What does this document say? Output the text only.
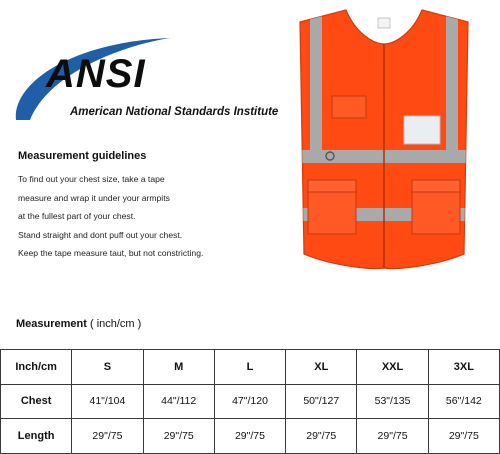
ANSI
American National Standards Institute
Measurement guidelines
To find out your chest size, take a tape
measure and wrap it under your armpits
at the fullest part of your chest.
Stand straight and dont puff out your chest.
Keep the tape measure taut, but not constricting.
Measurement ( inch/cm )
Inch/cm	S	M	L	XL	XXL	3XL
Chest	41"/104	44"/112	47"/120	50"/127	53"/135	56"/142
Length	29"/75	29"/75	29"/75	29"/75	29"/75	29"/75
